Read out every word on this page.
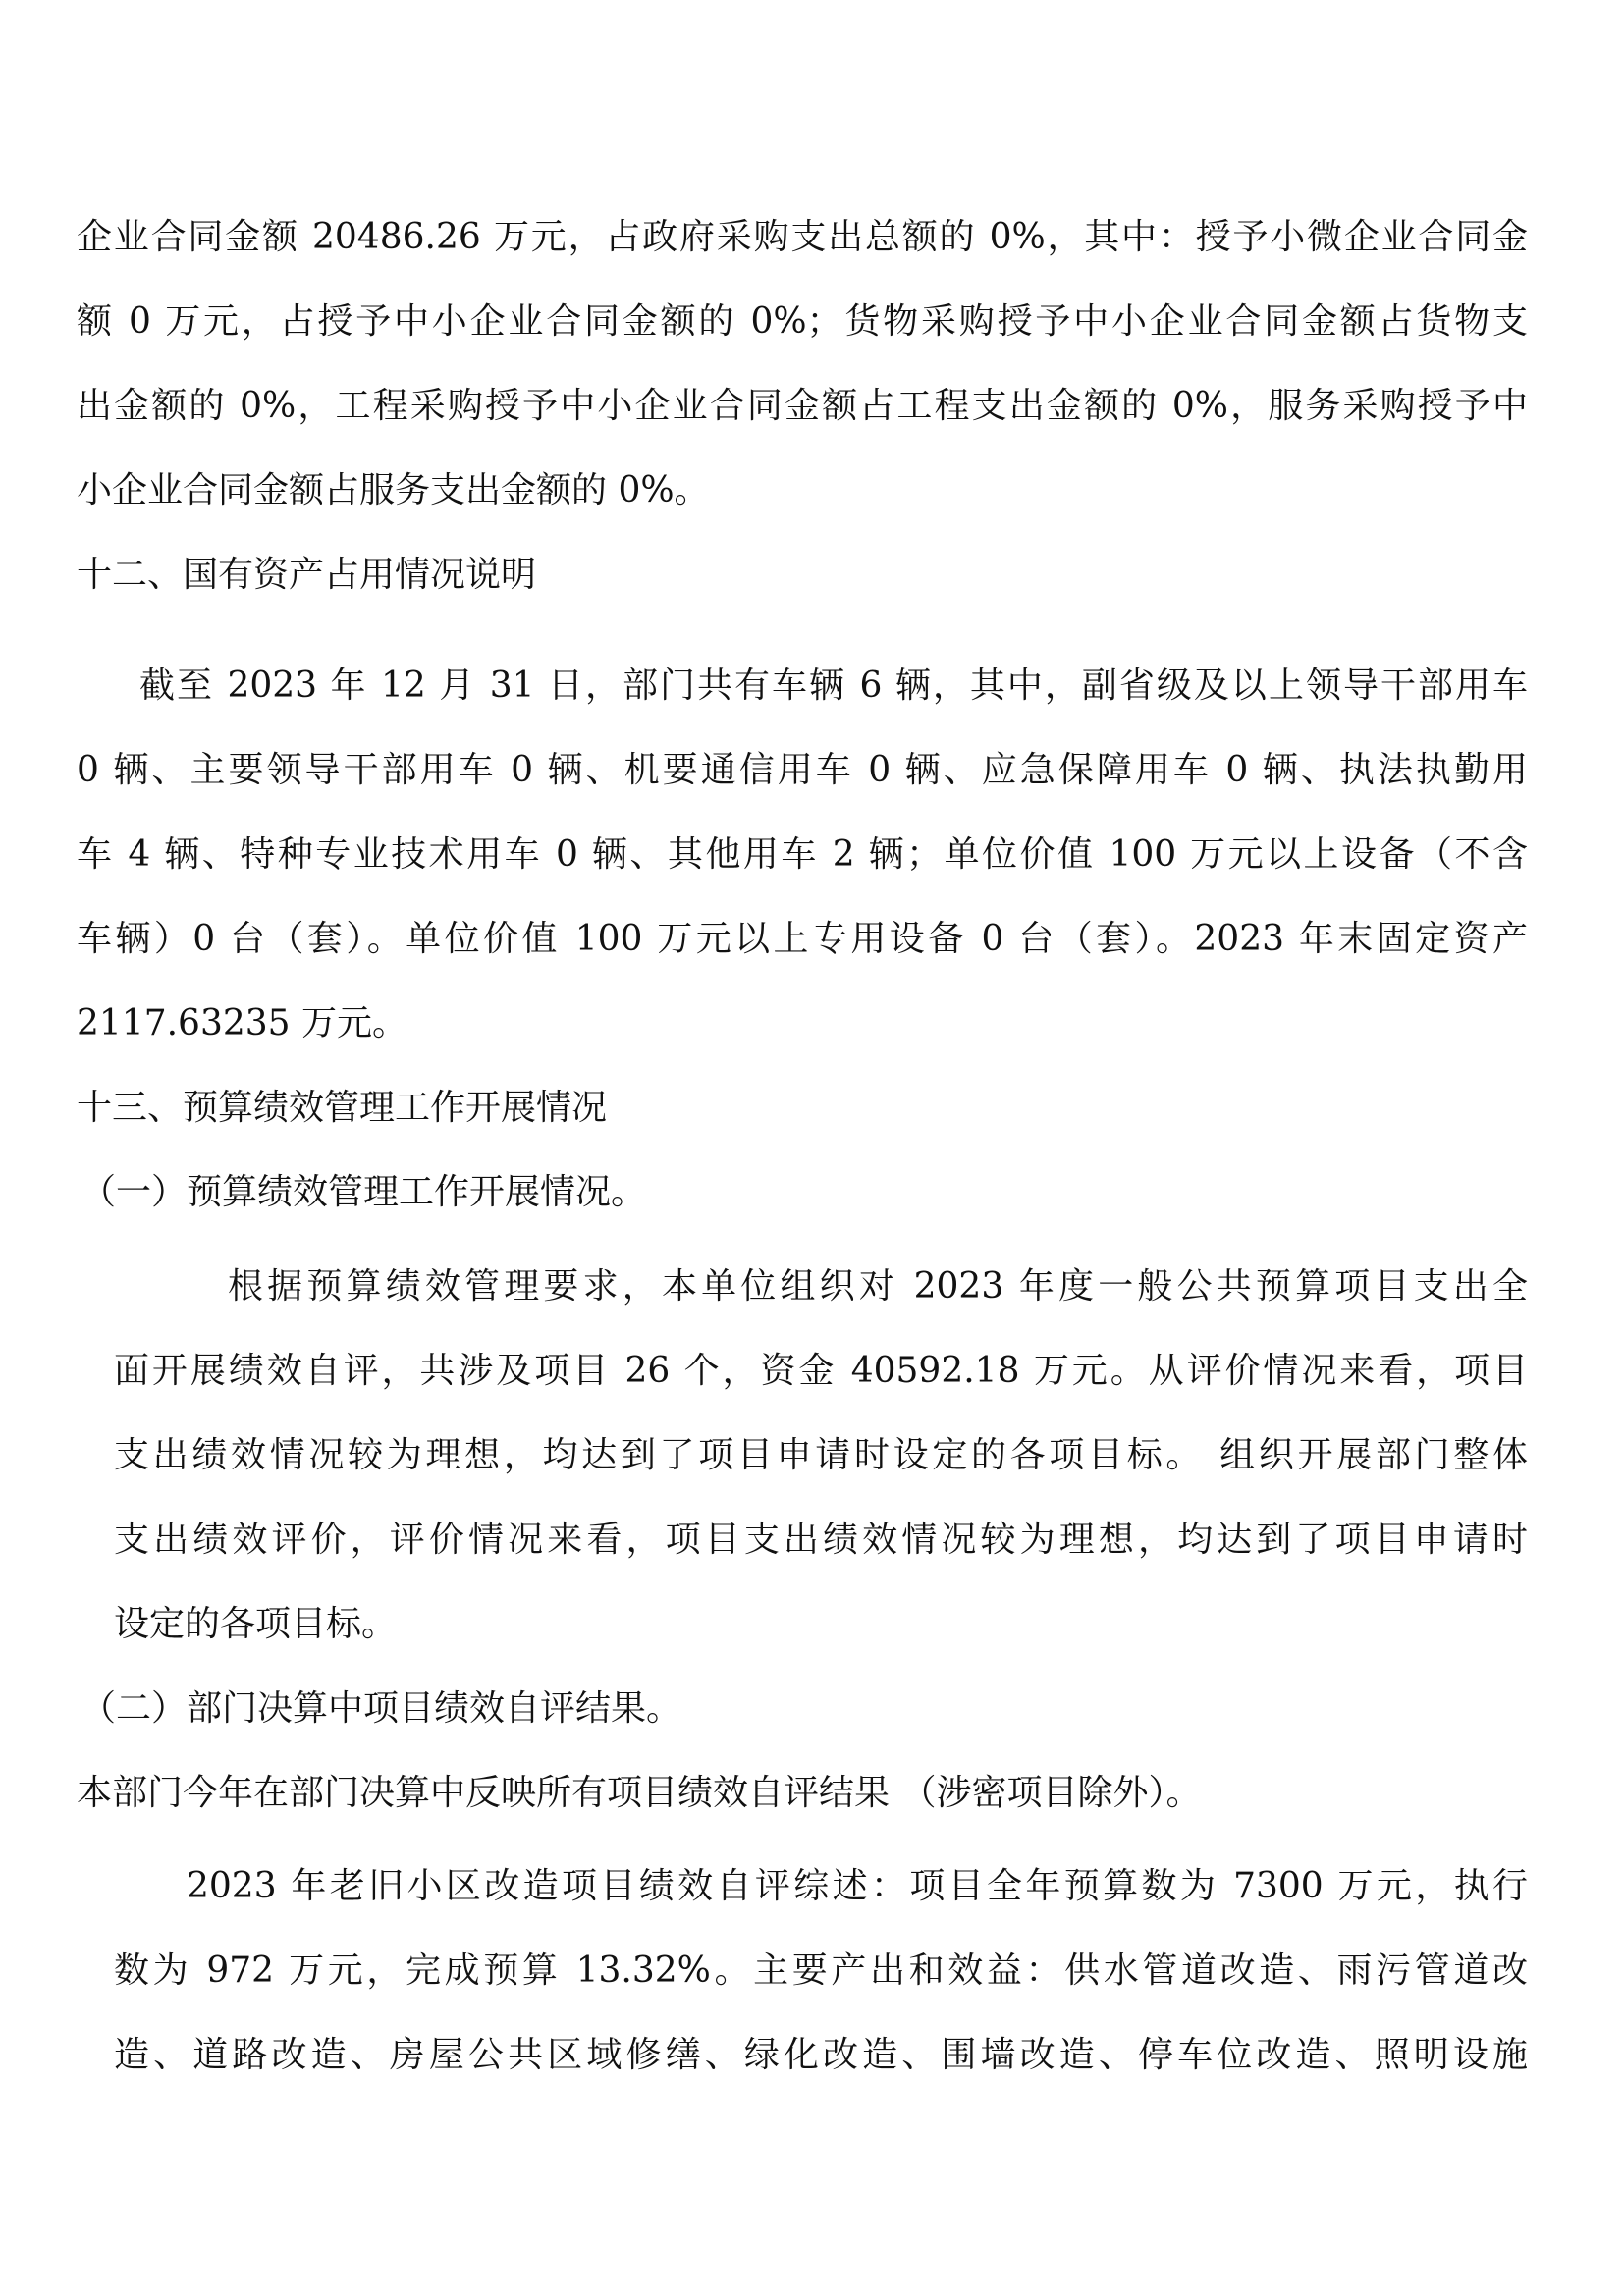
企业合同金额 20486.26 万元，占政府采购支出总额的 0%，其中：授予小微企业合同金
额 0 万元，占授予中小企业合同金额的 0%；货物采购授予中小企业合同金额占货物支
出金额的 0%，工程采购授予中小企业合同金额占工程支出金额的 0%，服务采购授予中
小企业合同金额占服务支出金额的 0%。
十二、国有资产占用情况说明
截至 2023 年 12 月 31 日，部门共有车辆 6 辆，其中，副省级及以上领导干部用车
0 辆、主要领导干部用车 0 辆、机要通信用车 0 辆、应急保障用车 0 辆、执法执勤用
车 4 辆、特种专业技术用车 0 辆、其他用车 2 辆；单位价值 100 万元以上设备（不含
车辆）0 台（套）。单位价值 100 万元以上专用设备 0 台（套）。2023 年末固定资产
2117.63235 万元。
十三、预算绩效管理工作开展情况
（一）预算绩效管理工作开展情况。
根据预算绩效管理要求，本单位组织对 2023 年度一般公共预算项目支出全
面开展绩效自评，共涉及项目 26 个，资金 40592.18 万元。从评价情况来看，项目
支出绩效情况较为理想，均达到了项目申请时设定的各项目标。 组织开展部门整体
支出绩效评价，评价情况来看，项目支出绩效情况较为理想，均达到了项目申请时
设定的各项目标。
（二）部门决算中项目绩效自评结果。
本部门今年在部门决算中反映所有项目绩效自评结果 （涉密项目除外）。
2023 年老旧小区改造项目绩效自评综述：项目全年预算数为 7300 万元，执行
数为 972 万元，完成预算 13.32%。主要产出和效益：供水管道改造、雨污管道改
造、道路改造、房屋公共区域修缮、绿化改造、围墙改造、停车位改造、照明设施
